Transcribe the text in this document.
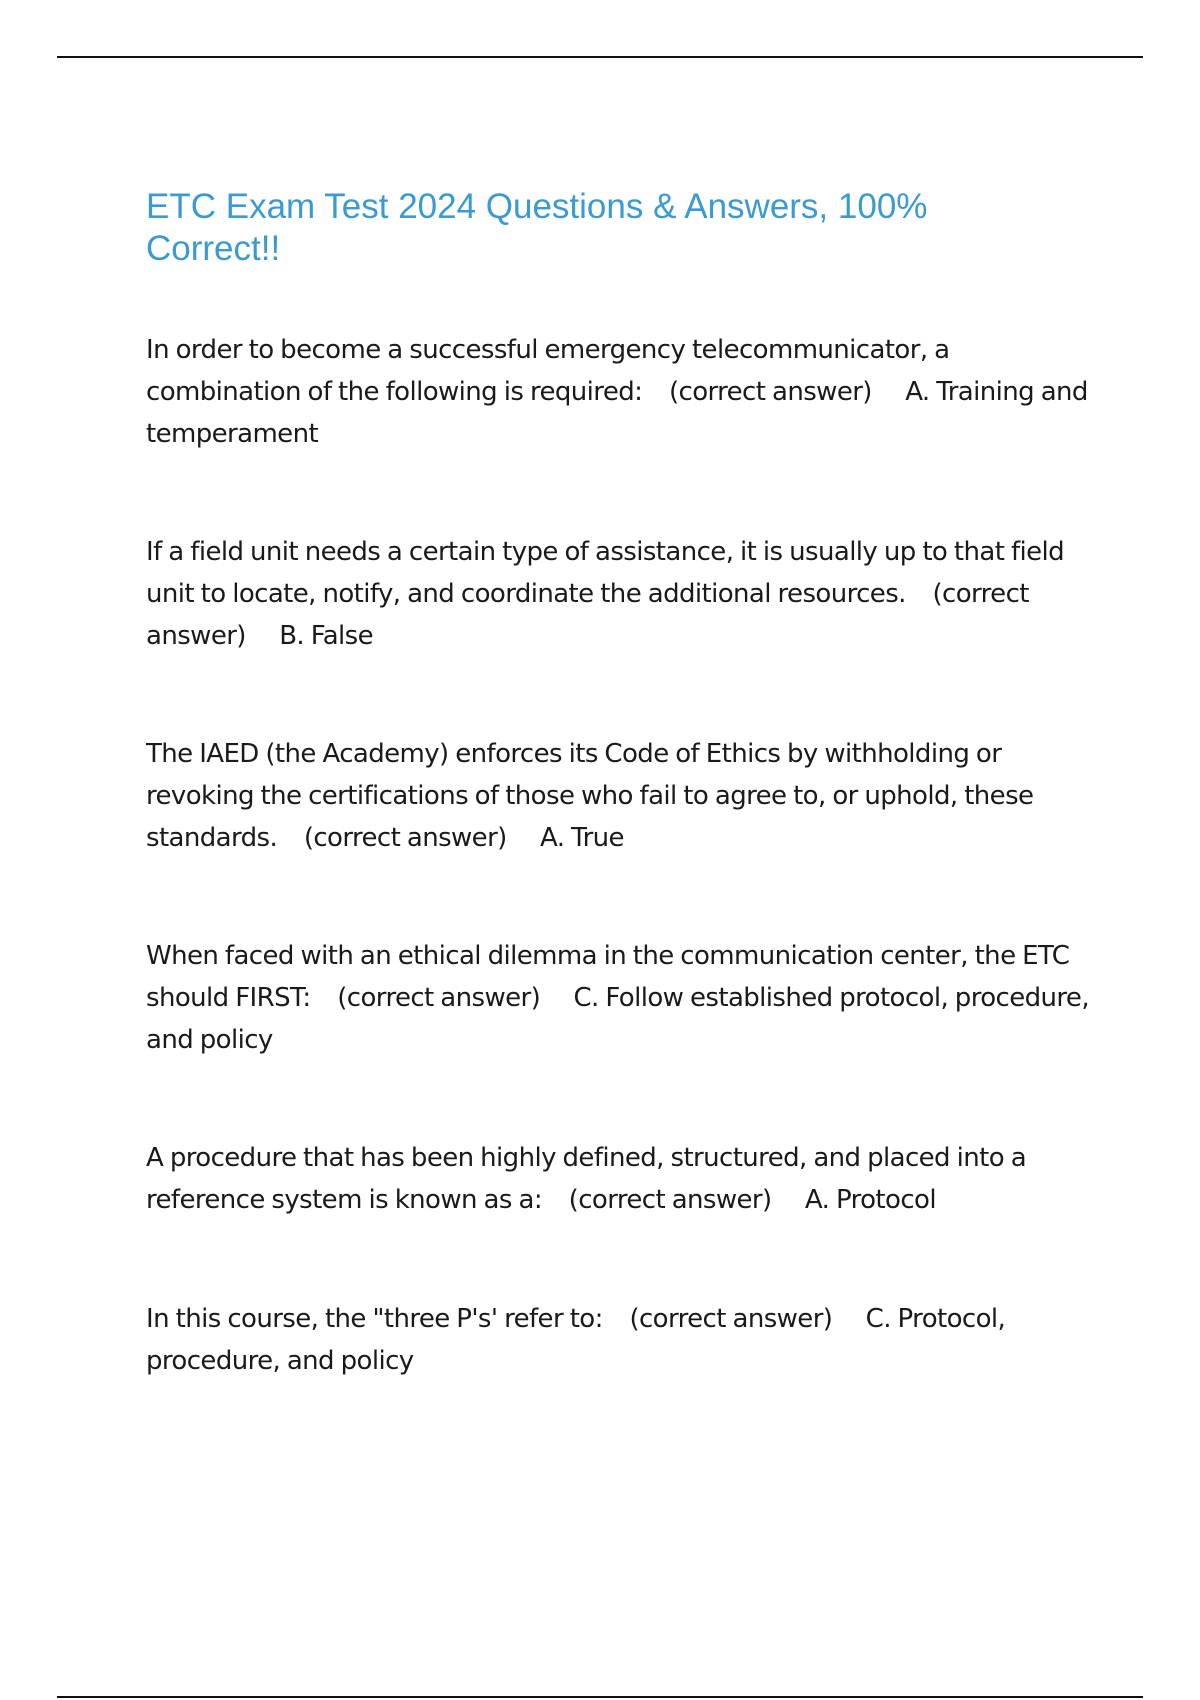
ETC Exam Test 2024 Questions & Answers, 100% Correct!!

In order to become a successful emergency telecommunicator, a combination of the following is required: (correct answer) A. Training and temperament

If a field unit needs a certain type of assistance, it is usually up to that field unit to locate, notify, and coordinate the additional resources. (correct answer) B. False

The IAED (the Academy) enforces its Code of Ethics by withholding or revoking the certifications of those who fail to agree to, or uphold, these standards. (correct answer) A. True

When faced with an ethical dilemma in the communication center, the ETC should FIRST: (correct answer) C. Follow established protocol, procedure, and policy

A procedure that has been highly defined, structured, and placed into a reference system is known as a: (correct answer) A. Protocol

In this course, the "three P's' refer to: (correct answer) C. Protocol, procedure, and policy
